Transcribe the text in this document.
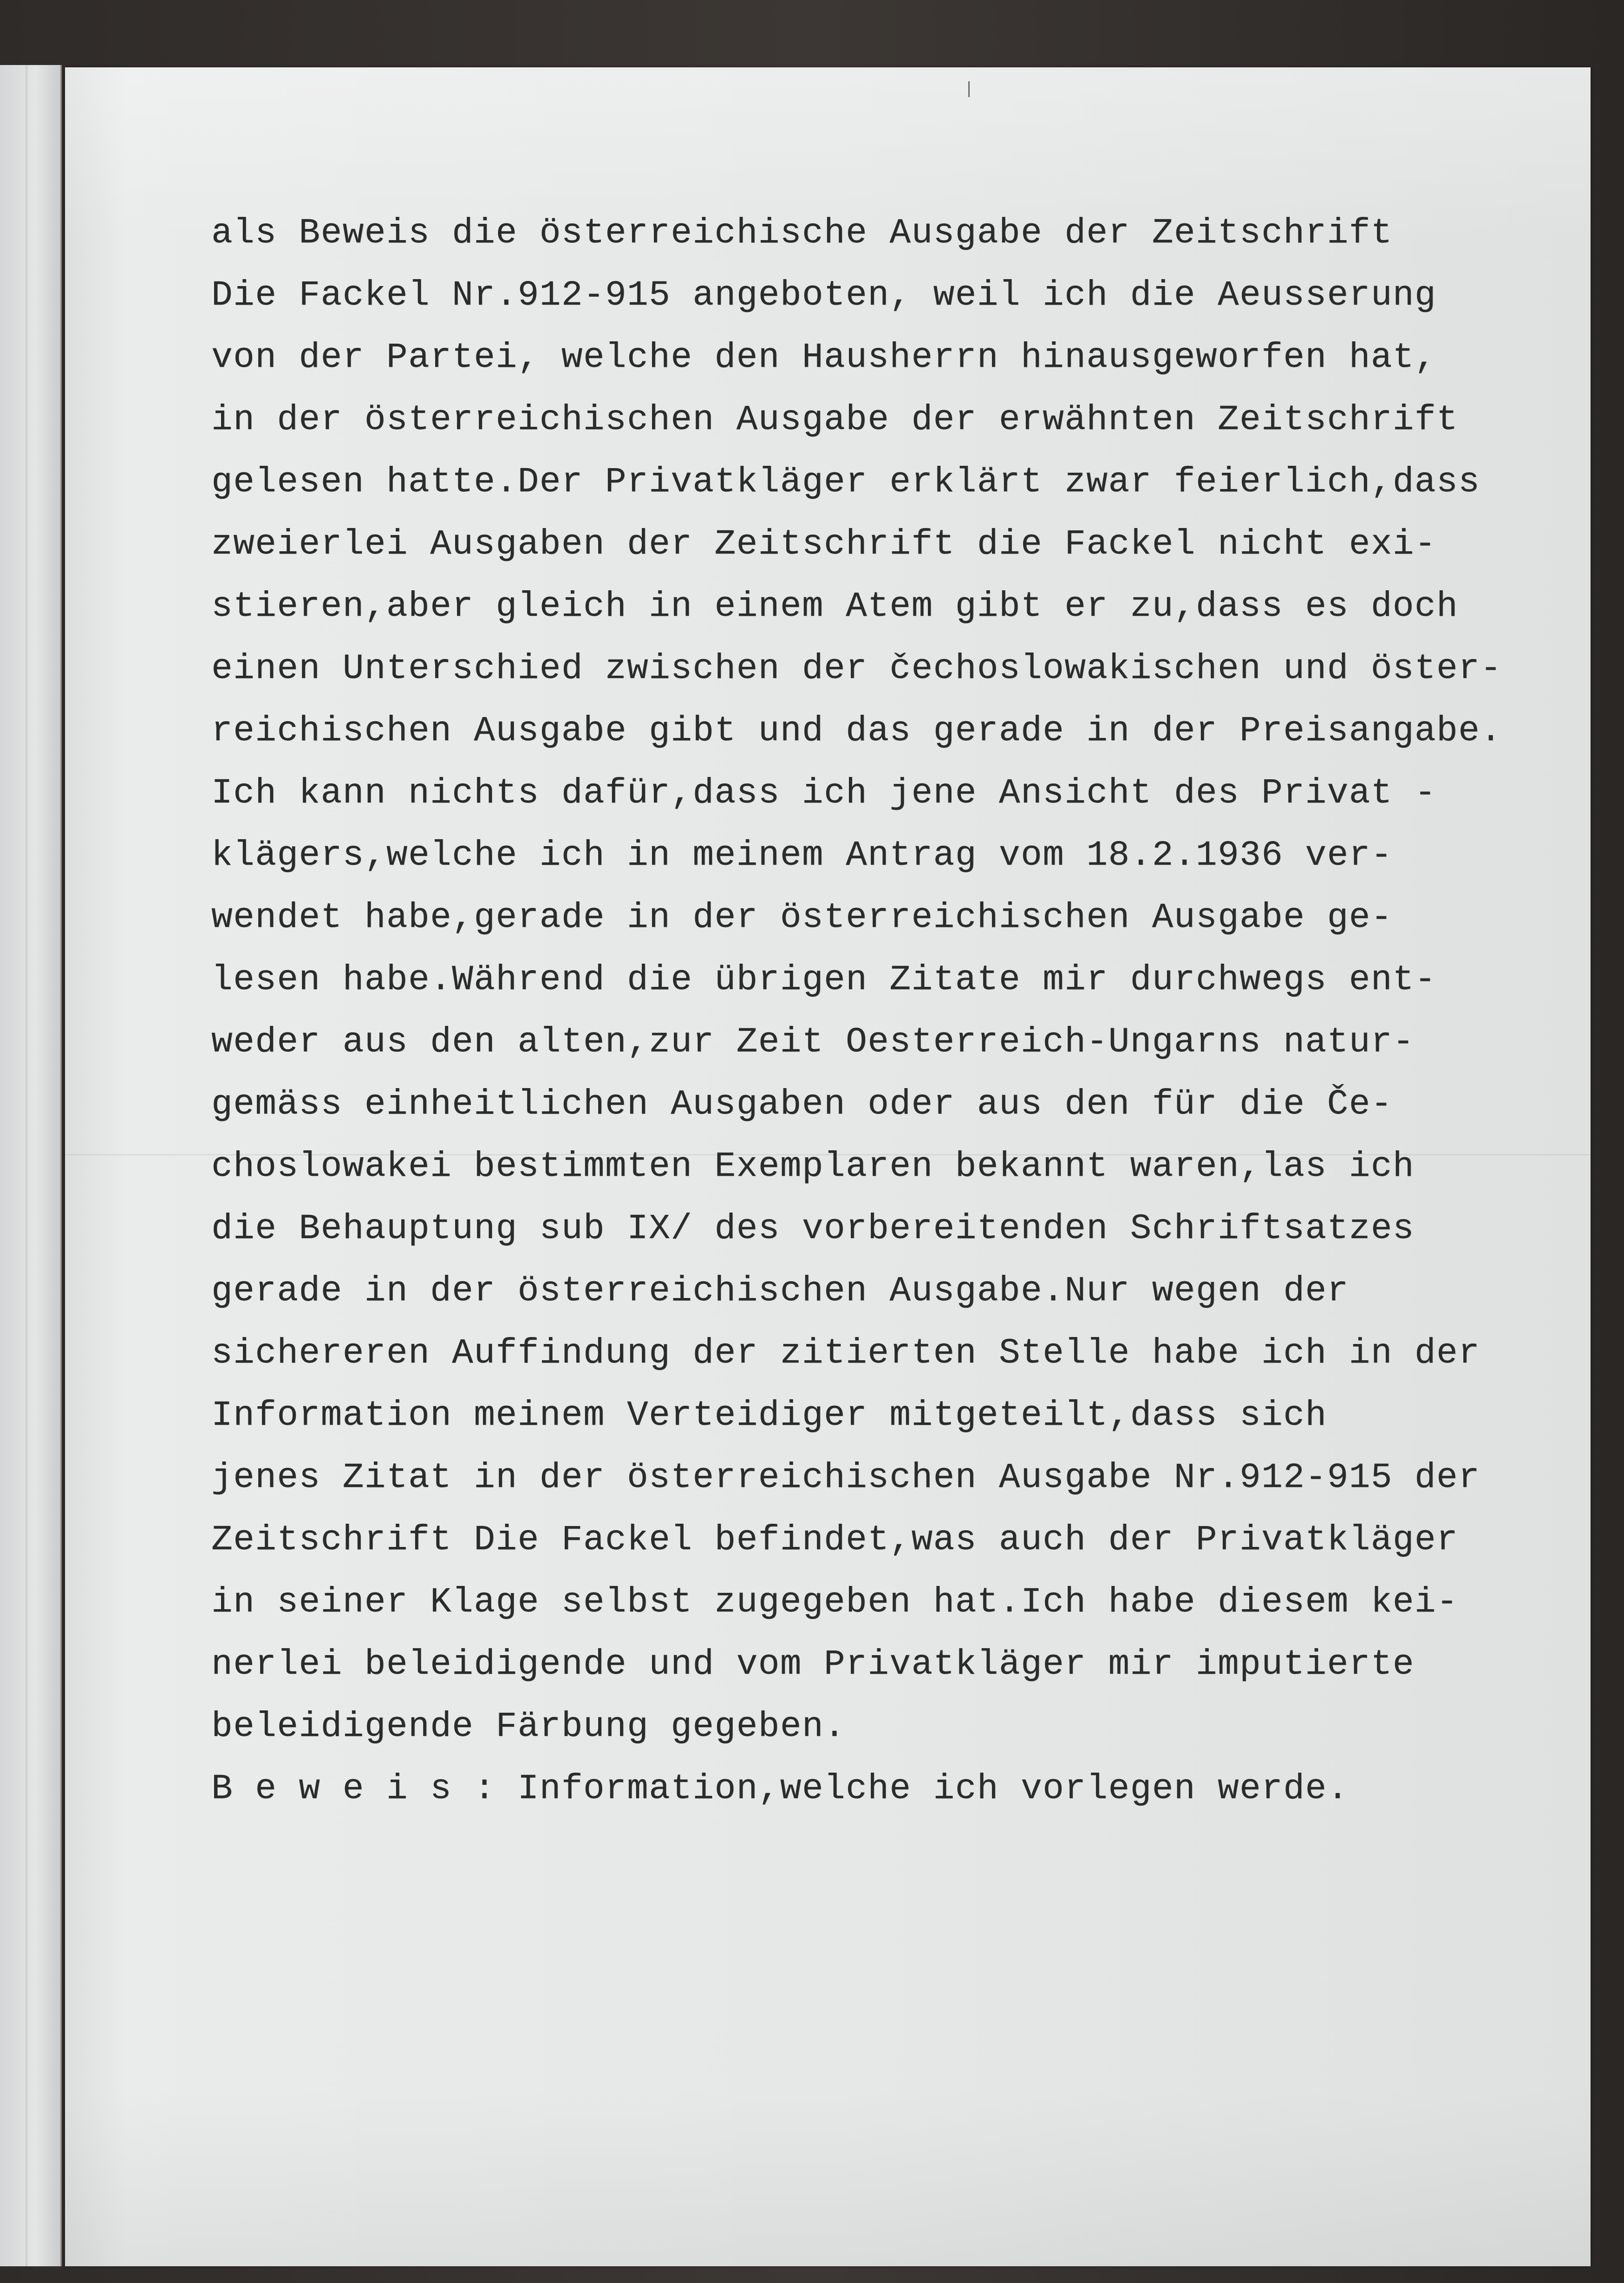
als Beweis die österreichische Ausgabe der Zeitschrift
Die Fackel Nr.912-915 angeboten, weil ich die Aeusserung
von der Partei, welche den Hausherrn hinausgeworfen hat,
in der österreichischen Ausgabe der erwähnten Zeitschrift
gelesen hatte.Der Privatkläger erklärt zwar feierlich,dass
zweierlei Ausgaben der Zeitschrift die Fackel nicht exi-
stieren,aber gleich in einem Atem gibt er zu,dass es doch
einen Unterschied zwischen der čechoslowakischen und öster-
reichischen Ausgabe gibt und das gerade in der Preisangabe.
Ich kann nichts dafür,dass ich jene Ansicht des Privat -
klägers,welche ich in meinem Antrag vom 18.2.1936 ver-
wendet habe,gerade in der österreichischen Ausgabe ge-
lesen habe.Während die übrigen Zitate mir durchwegs ent-
weder aus den alten,zur Zeit Oesterreich-Ungarns natur-
gemäss einheitlichen Ausgaben oder aus den für die Če-
choslowakei bestimmten Exemplaren bekannt waren,las ich
die Behauptung sub IX/ des vorbereitenden Schriftsatzes
gerade in der österreichischen Ausgabe.Nur wegen der
sichereren Auffindung der zitierten Stelle habe ich in der
Information meinem Verteidiger mitgeteilt,dass sich
jenes Zitat in der österreichischen Ausgabe Nr.912-915 der
Zeitschrift Die Fackel befindet,was auch der Privatkläger
in seiner Klage selbst zugegeben hat.Ich habe diesem kei-
nerlei beleidigende und vom Privatkläger mir imputierte
beleidigende Färbung gegeben.
B e w e i s : Information,welche ich vorlegen werde.
